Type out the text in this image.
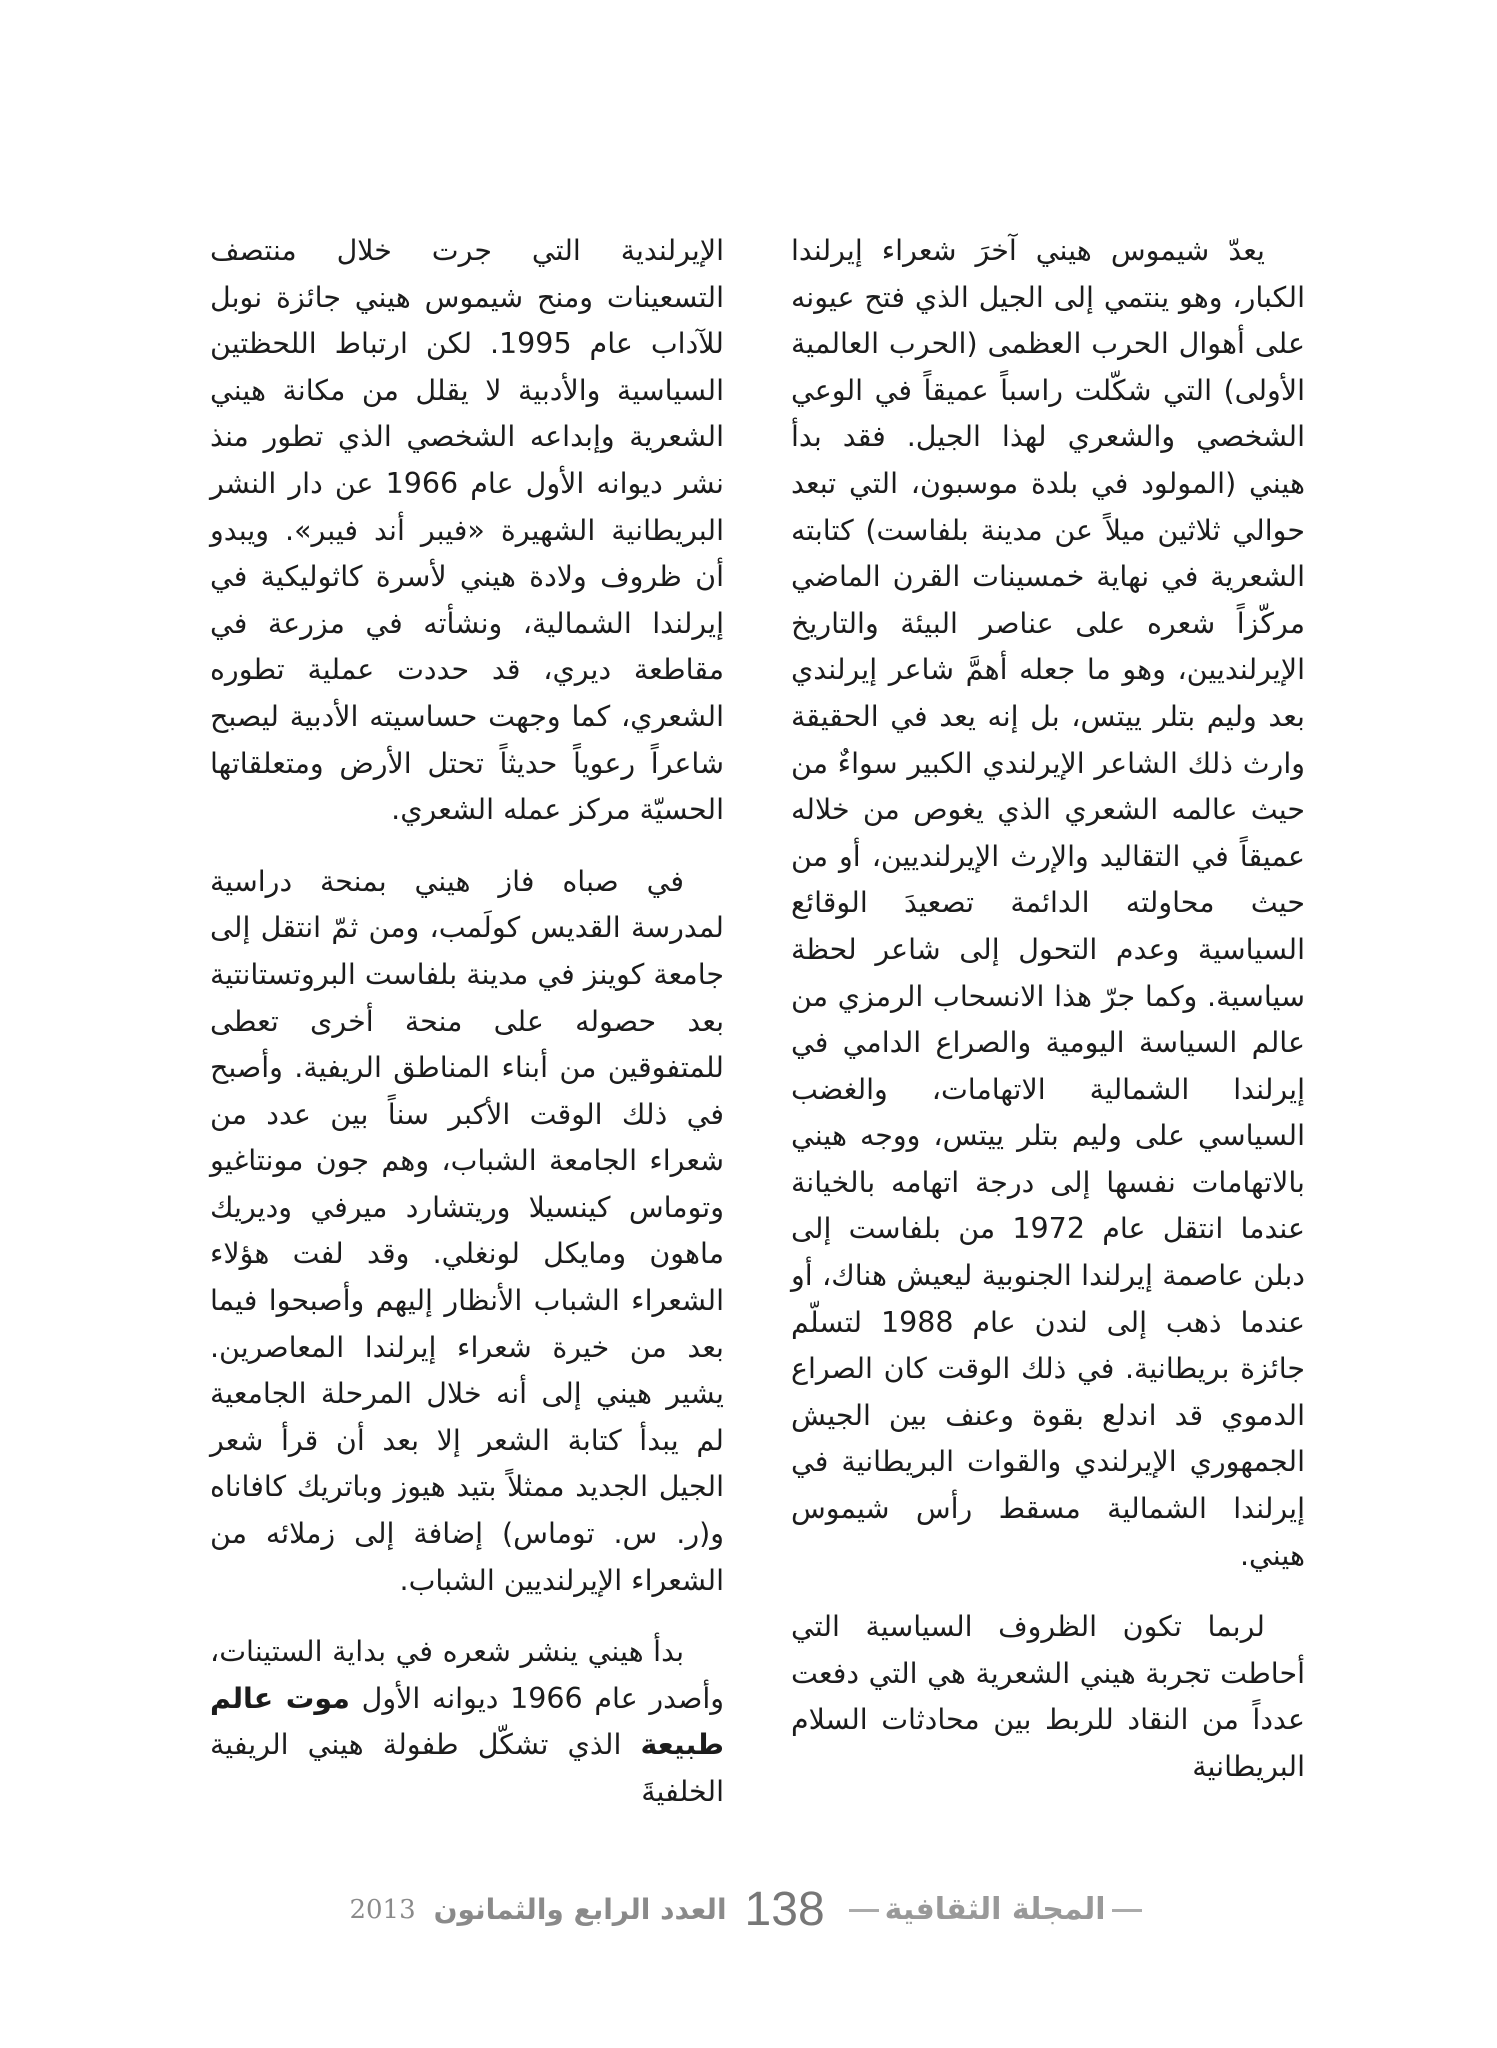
يعدّ شيموس هيني آخرَ شعراء إيرلندا الكبار، وهو ينتمي إلى الجيل الذي فتح عيونه على أهوال الحرب العظمى (الحرب العالمية الأولى) التي شكّلت راسباً عميقاً في الوعي الشخصي والشعري لهذا الجيل. فقد بدأ هيني (المولود في بلدة موسبون، التي تبعد حوالي ثلاثين ميلاً عن مدينة بلفاست) كتابته الشعرية في نهاية خمسينات القرن الماضي مركّزاً شعره على عناصر البيئة والتاريخ الإيرلنديين، وهو ما جعله أهمَّ شاعر إيرلندي بعد وليم بتلر ييتس، بل إنه يعد في الحقيقة وارث ذلك الشاعر الإيرلندي الكبير سواءٌ من حيث عالمه الشعري الذي يغوص من خلاله عميقاً في التقاليد والإرث الإيرلنديين، أو من حيث محاولته الدائمة تصعيدَ الوقائع السياسية وعدم التحول إلى شاعر لحظة سياسية. وكما جرّ هذا الانسحاب الرمزي من عالم السياسة اليومية والصراع الدامي في إيرلندا الشمالية الاتهامات، والغضب السياسي على وليم بتلر ييتس، ووجه هيني بالاتهامات نفسها إلى درجة اتهامه بالخيانة عندما انتقل عام 1972 من بلفاست إلى دبلن عاصمة إيرلندا الجنوبية ليعيش هناك، أو عندما ذهب إلى لندن عام 1988 لتسلّم جائزة بريطانية. في ذلك الوقت كان الصراع الدموي قد اندلع بقوة وعنف بين الجيش الجمهوري الإيرلندي والقوات البريطانية في إيرلندا الشمالية مسقط رأس شيموس هيني.

لربما تكون الظروف السياسية التي أحاطت تجربة هيني الشعرية هي التي دفعت عدداً من النقاد للربط بين محادثات السلام البريطانية

الإيرلندية التي جرت خلال منتصف التسعينات ومنح شيموس هيني جائزة نوبل للآداب عام 1995. لكن ارتباط اللحظتين السياسية والأدبية لا يقلل من مكانة هيني الشعرية وإبداعه الشخصي الذي تطور منذ نشر ديوانه الأول عام 1966 عن دار النشر البريطانية الشهيرة «فيبر أند فيبر». ويبدو أن ظروف ولادة هيني لأسرة كاثوليكية في إيرلندا الشمالية، ونشأته في مزرعة في مقاطعة ديري، قد حددت عملية تطوره الشعري، كما وجهت حساسيته الأدبية ليصبح شاعراً رعوياً حديثاً تحتل الأرض ومتعلقاتها الحسيّة مركز عمله الشعري.

في صباه فاز هيني بمنحة دراسية لمدرسة القديس كولَمب، ومن ثمّ انتقل إلى جامعة كوينز في مدينة بلفاست البروتستانتية بعد حصوله على منحة أخرى تعطى للمتفوقين من أبناء المناطق الريفية. وأصبح في ذلك الوقت الأكبر سناً بين عدد من شعراء الجامعة الشباب، وهم جون مونتاغيو وتوماس كينسيلا وريتشارد ميرفي وديريك ماهون ومايكل لونغلي. وقد لفت هؤلاء الشعراء الشباب الأنظار إليهم وأصبحوا فيما بعد من خيرة شعراء إيرلندا المعاصرين. يشير هيني إلى أنه خلال المرحلة الجامعية لم يبدأ كتابة الشعر إلا بعد أن قرأ شعر الجيل الجديد ممثلاً بتيد هيوز وباتريك كافاناه و(ر. س. توماس) إضافة إلى زملائه من الشعراء الإيرلنديين الشباب.

بدأ هيني ينشر شعره في بداية الستينات، وأصدر عام 1966 ديوانه الأول موت عالم طبيعة الذي تشكّل طفولة هيني الريفية الخلفيةَ

2013 العدد الرابع والثمانون 138	المجلة الثقافية
